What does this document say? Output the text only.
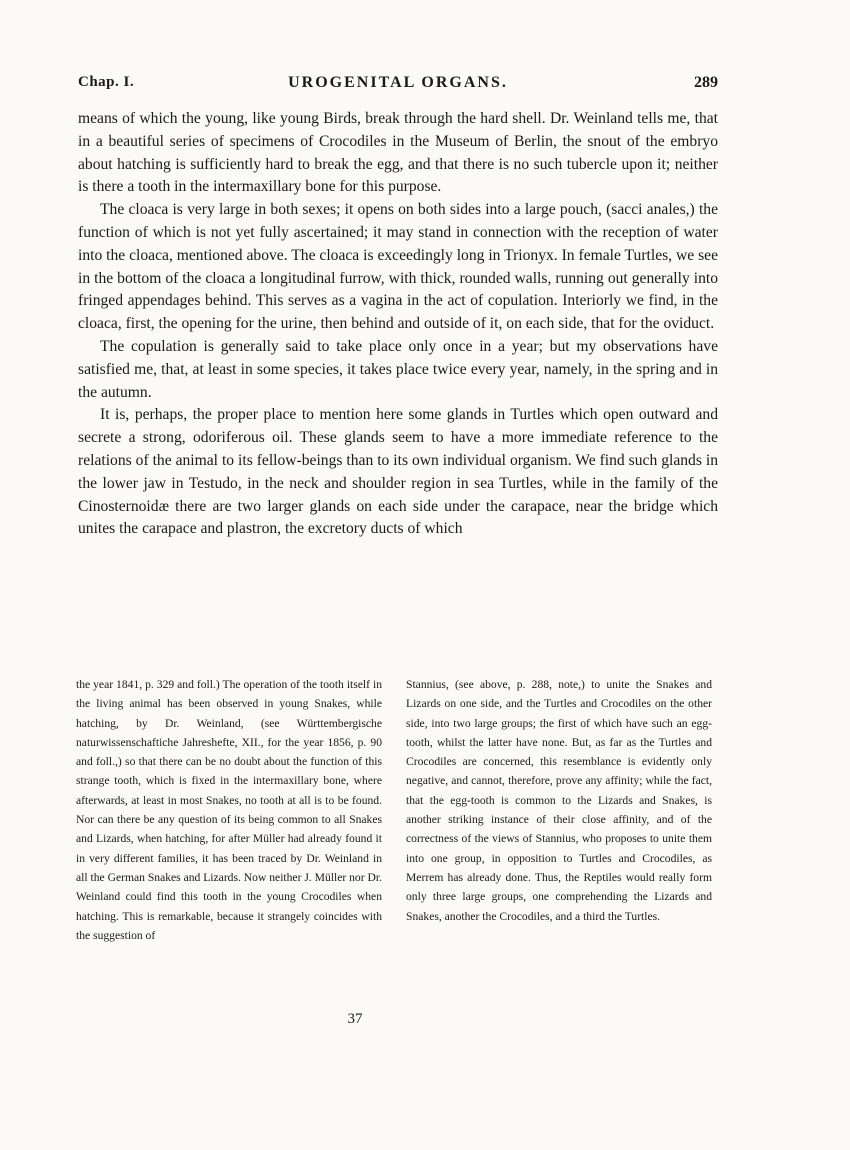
Chap. I.	UROGENITAL ORGANS.	289

means of which the young, like young Birds, break through the hard shell. Dr. Weinland tells me, that in a beautiful series of specimens of Crocodiles in the Museum of Berlin, the snout of the embryo about hatching is sufficiently hard to break the egg, and that there is no such tubercle upon it; neither is there a tooth in the intermaxillary bone for this purpose.

The cloaca is very large in both sexes; it opens on both sides into a large pouch, (sacci anales,) the function of which is not yet fully ascertained; it may stand in connection with the reception of water into the cloaca, mentioned above. The cloaca is exceedingly long in Trionyx. In female Turtles, we see in the bottom of the cloaca a longitudinal furrow, with thick, rounded walls, running out generally into fringed appendages behind. This serves as a vagina in the act of copulation. Interiorly we find, in the cloaca, first, the opening for the urine, then behind and outside of it, on each side, that for the oviduct.

The copulation is generally said to take place only once in a year; but my observations have satisfied me, that, at least in some species, it takes place twice every year, namely, in the spring and in the autumn.

It is, perhaps, the proper place to mention here some glands in Turtles which open outward and secrete a strong, odoriferous oil. These glands seem to have a more immediate reference to the relations of the animal to its fellow-beings than to its own individual organism. We find such glands in the lower jaw in Testudo, in the neck and shoulder region in sea Turtles, while in the family of the Cinosternoidæ there are two larger glands on each side under the carapace, near the bridge which unites the carapace and plastron, the excretory ducts of which

the year 1841, p. 329 and foll.) The operation of the tooth itself in the living animal has been observed in young Snakes, while hatching, by Dr. Weinland, (see Württembergische naturwissenschaftiche Jahreshefte, XII., for the year 1856, p. 90 and foll.,) so that there can be no doubt about the function of this strange tooth, which is fixed in the intermaxillary bone, where afterwards, at least in most Snakes, no tooth at all is to be found. Nor can there be any question of its being common to all Snakes and Lizards, when hatching, for after Müller had already found it in very different families, it has been traced by Dr. Weinland in all the German Snakes and Lizards. Now neither J. Müller nor Dr. Weinland could find this tooth in the young Crocodiles when hatching. This is remarkable, because it strangely coincides with the suggestion of

Stannius, (see above, p. 288, note,) to unite the Snakes and Lizards on one side, and the Turtles and Crocodiles on the other side, into two large groups; the first of which have such an egg-tooth, whilst the latter have none. But, as far as the Turtles and Crocodiles are concerned, this resemblance is evidently only negative, and cannot, therefore, prove any affinity; while the fact, that the egg-tooth is common to the Lizards and Snakes, is another striking instance of their close affinity, and of the correctness of the views of Stannius, who proposes to unite them into one group, in opposition to Turtles and Crocodiles, as Merrem has already done. Thus, the Reptiles would really form only three large groups, one comprehending the Lizards and Snakes, another the Crocodiles, and a third the Turtles.

37
